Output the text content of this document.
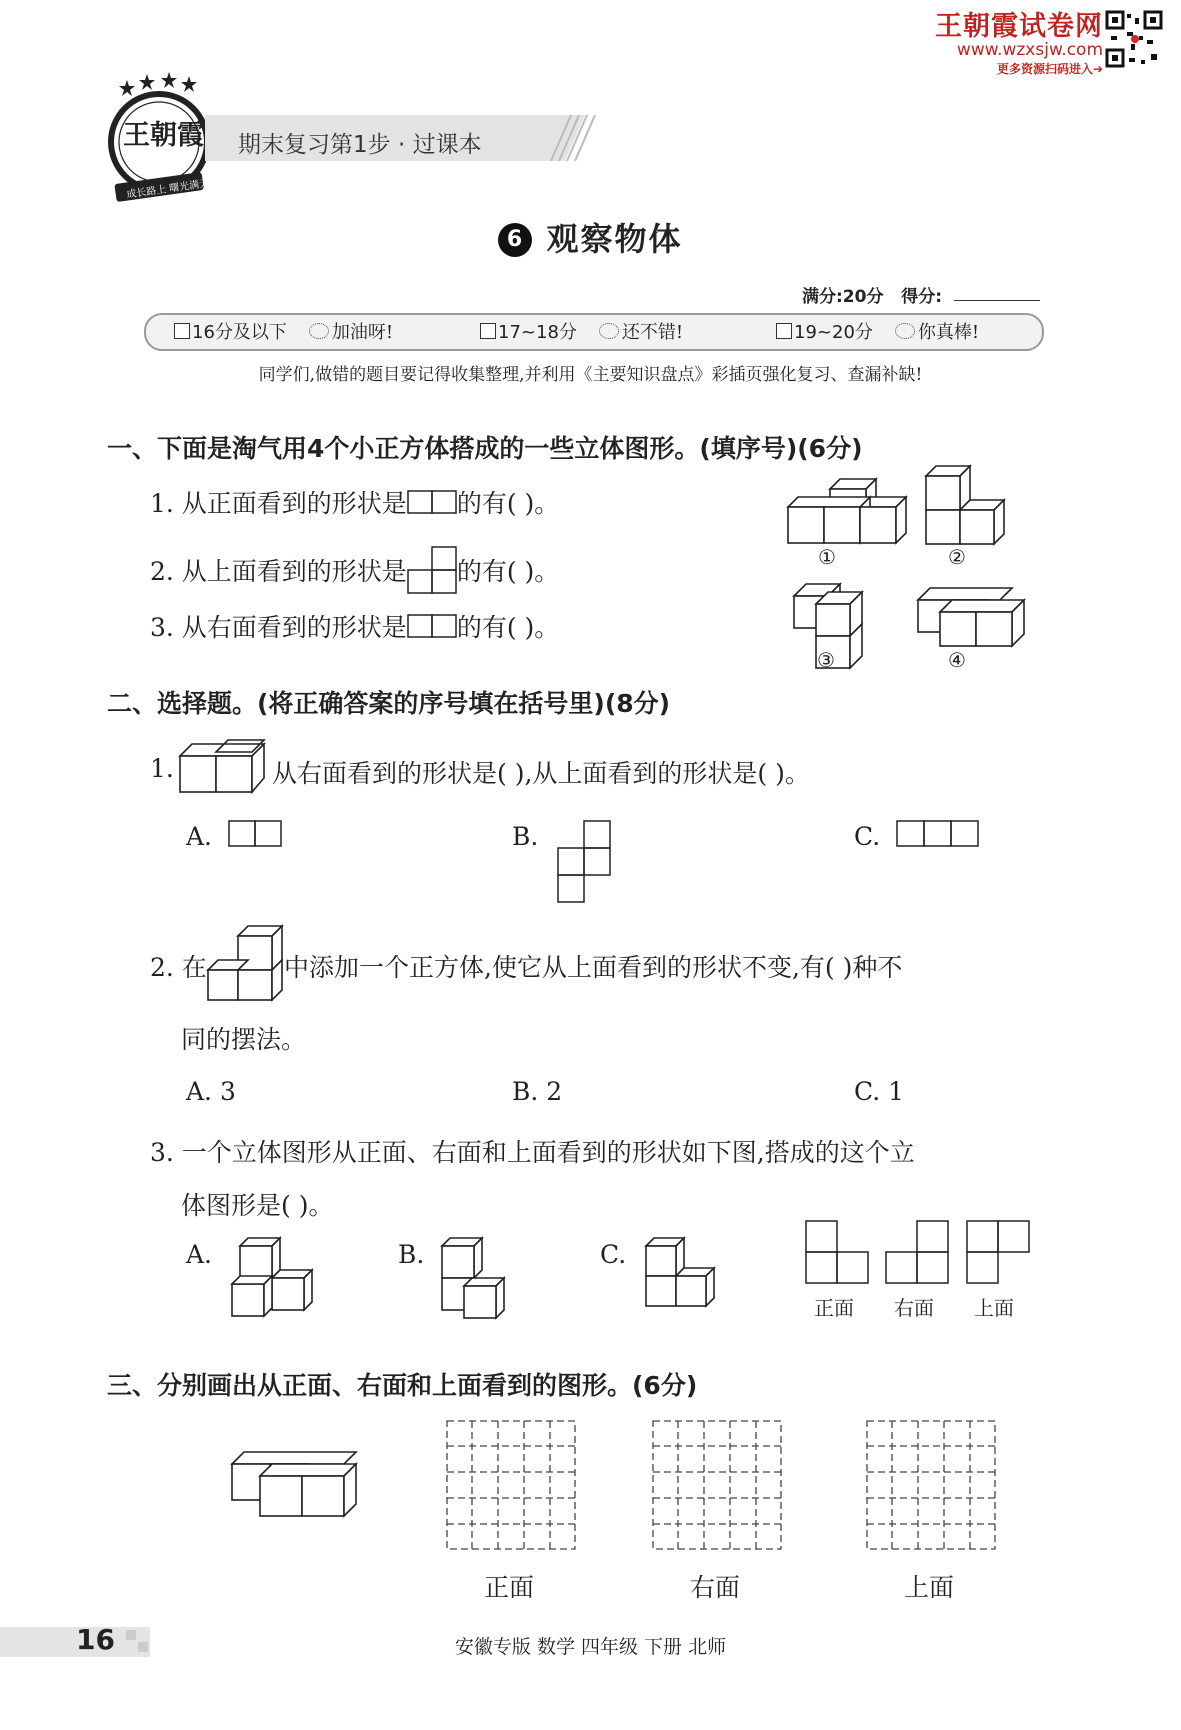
王朝霞试卷网
www.wzxsjw.com
更多资源扫码进入➔
王朝霞
成长路上 曙光满天
期末复习第1步 · 过课本
6 观察物体
满分:20分 得分:
16分及以下	加油呀!	17~18分	还不错!	19~20分	你真棒!
同学们,做错的题目要记得收集整理,并利用《主要知识盘点》彩插页强化复习、查漏补缺!
一、下面是淘气用4个小正方体搭成的一些立体图形。(填序号)(6分)
1. 从正面看到的形状是 的有( )。
2. 从上面看到的形状是 的有( )。
3. 从右面看到的形状是 的有( )。
①	②
③	④
二、选择题。(将正确答案的序号填在括号里)(8分)
1.	从右面看到的形状是( ),从上面看到的形状是( )。
A.	B.	C.
2. 在	中添加一个正方体,使它从上面看到的形状不变,有( )种不
同的摆法。
A. 3	B. 2	C. 1
3. 一个立体图形从正面、右面和上面看到的形状如下图,搭成的这个立
体图形是( )。
A.	B.	C.
正面 右面 上面
三、分别画出从正面、右面和上面看到的图形。(6分)
正面	右面	上面
16	安徽专版 数学 四年级 下册 北师
